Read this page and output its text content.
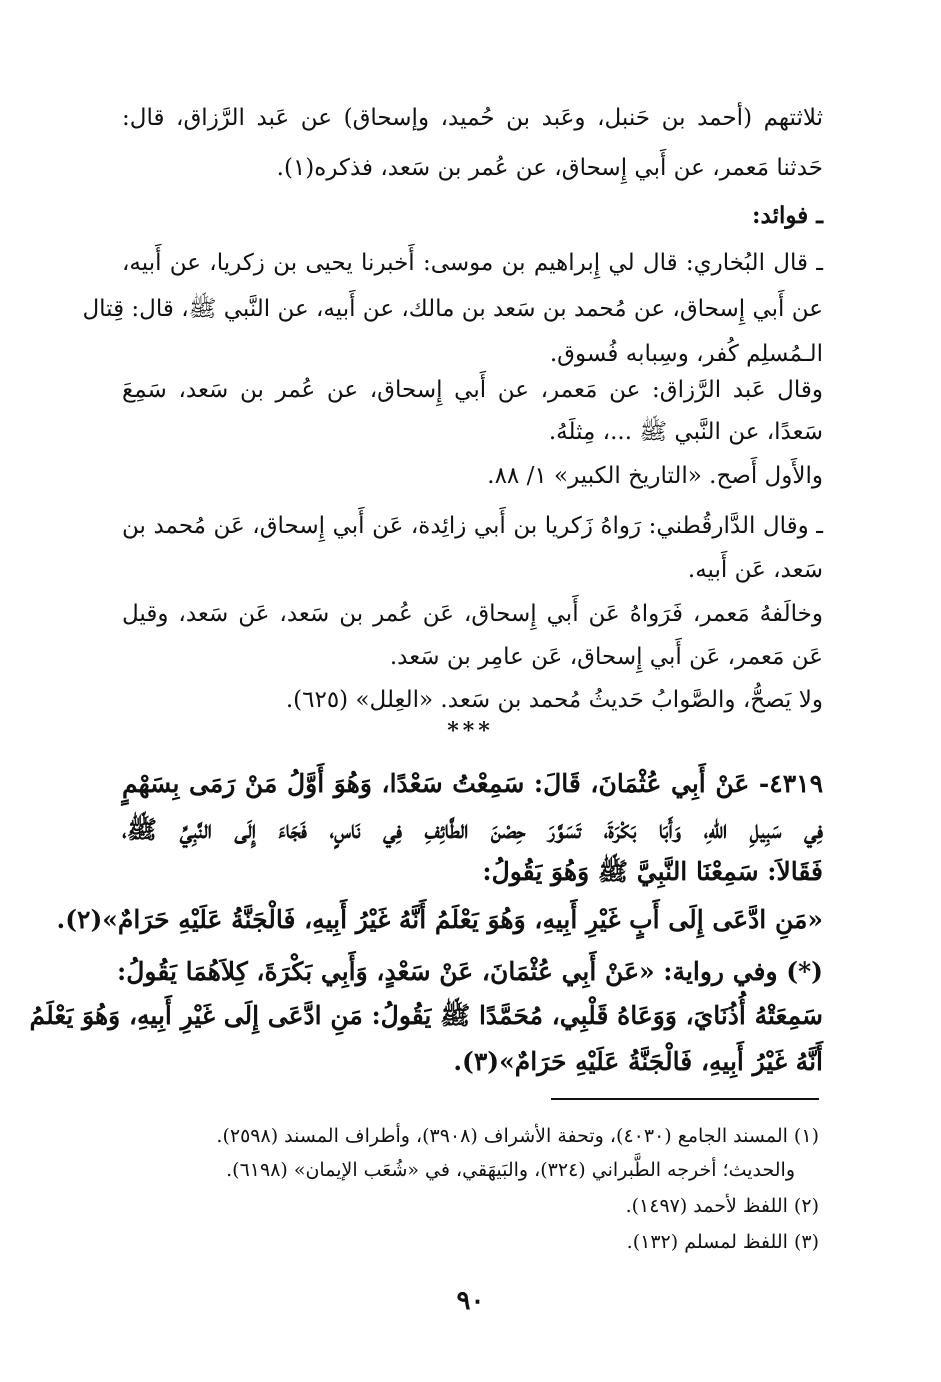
ثلاثتهم (أحمد بن حَنبل، وعَبد بن حُميد، وإسحاق) عن عَبد الرَّزاق، قال:
حَدثنا مَعمر، عن أَبي إِسحاق، عن عُمر بن سَعد، فذكره(١).
ـ فوائد:
ـ قال البُخاري: قال لي إِبراهيم بن موسى: أَخبرنا يحيى بن زكريا، عن أَبيه،
عن أَبي إِسحاق، عن مُحمد بن سَعد بن مالك، عن أَبيه، عن النَّبي ﷺ، قال: قِتال
الـمُسلِم كُفر، وسِبابه فُسوق.
وقال عَبد الرَّزاق: عن مَعمر، عن أَبي إِسحاق، عن عُمر بن سَعد، سَمِعَ
سَعدًا، عن النَّبي ﷺ ...، مِثلَهُ.
والأَول أَصح. «التاريخ الكبير» ١/ ٨٨.
ـ وقال الدَّارقُطني: رَواهُ زَكريا بن أَبي زائِدة، عَن أَبي إِسحاق، عَن مُحمد بن
سَعد، عَن أَبيه.
وخالَفهُ مَعمر، فَرَواهُ عَن أَبي إِسحاق، عَن عُمر بن سَعد، عَن سَعد، وقيل
عَن مَعمر، عَن أَبي إِسحاق، عَن عامِر بن سَعد.
ولا يَصحُّ، والصَّوابُ حَديثُ مُحمد بن سَعد. «العِلل» (٦٢٥).
***
٤٣١٩- عَنْ أَبِي عُثْمَانَ، قَالَ: سَمِعْتُ سَعْدًا، وَهُوَ أَوَّلُ مَنْ رَمَى بِسَهْمٍ
فِي سَبِيلِ اللهِ، وَأَبَا بَكْرَةَ، تَسَوَّرَ حِصْنَ الطَّائِفِ فِي نَاسٍ، فَجَاءَ إِلَى النَّبِيِّ ﷺ،
فَقَالاَ: سَمِعْنَا النَّبِيَّ ﷺ وَهُوَ يَقُولُ:
«مَنِ ادَّعَى إِلَى أَبٍ غَيْرِ أَبِيهِ، وَهُوَ يَعْلَمُ أَنَّهُ غَيْرُ أَبِيهِ، فَالْجَنَّةُ عَلَيْهِ حَرَامٌ»(٢).
(*) وفي رواية: «عَنْ أَبِي عُثْمَانَ، عَنْ سَعْدٍ، وَأَبِي بَكْرَةَ، كِلاَهُمَا يَقُولُ:
سَمِعَتْهُ أُذُنَايَ، وَوَعَاهُ قَلْبِي، مُحَمَّدًا ﷺ يَقُولُ: مَنِ ادَّعَى إِلَى غَيْرِ أَبِيهِ، وَهُوَ يَعْلَمُ
أَنَّهُ غَيْرُ أَبِيهِ، فَالْجَنَّةُ عَلَيْهِ حَرَامٌ»(٣).
(١) المسند الجامع (٤٠٣٠)، وتحفة الأشراف (٣٩٠٨)، وأطراف المسند (٢٥٩٨).
والحديث؛ أخرجه الطَّبراني (٣٢٤)، والبَيهَقي، في «شُعَب الإيمان» (٦١٩٨).
(٢) اللفظ لأحمد (١٤٩٧).
(٣) اللفظ لمسلم (١٣٢).
٩٠
